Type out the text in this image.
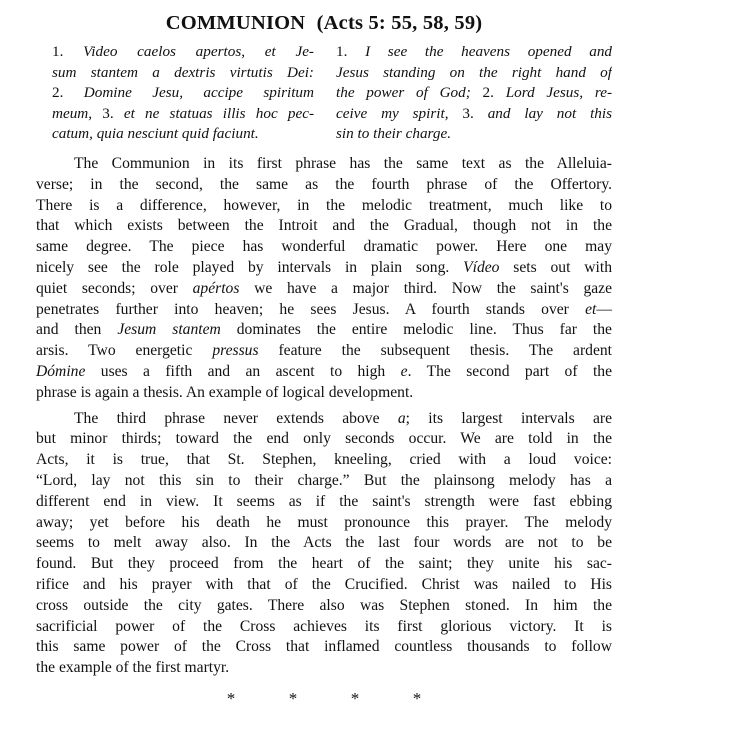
COMMUNION (Acts 5: 55, 58, 59)
1. Video caelos apertos, et Je-
sum stantem a dextris virtutis Dei:
2. Domine Jesu, accipe spiritum
meum, 3. et ne statuas illis hoc pec-
catum, quia nesciunt quid faciunt.
1. I see the heavens opened and
Jesus standing on the right hand of
the power of God; 2. Lord Jesus, re-
ceive my spirit, 3. and lay not this
sin to their charge.

The Communion in its first phrase has the same text as the Alleluia-
verse; in the second, the same as the fourth phrase of the Offertory.
There is a difference, however, in the melodic treatment, much like to
that which exists between the Introit and the Gradual, though not in the
same degree. The piece has wonderful dramatic power. Here one may
nicely see the role played by intervals in plain song. Vídeo sets out with
quiet seconds; over apértos we have a major third. Now the saint's gaze
penetrates further into heaven; he sees Jesus. A fourth stands over et—
and then Jesum stantem dominates the entire melodic line. Thus far the
arsis. Two energetic pressus feature the subsequent thesis. The ardent
Dómine uses a fifth and an ascent to high e. The second part of the
phrase is again a thesis. An example of logical development.

The third phrase never extends above a; its largest intervals are
but minor thirds; toward the end only seconds occur. We are told in the
Acts, it is true, that St. Stephen, kneeling, cried with a loud voice:
“Lord, lay not this sin to their charge.” But the plainsong melody has a
different end in view. It seems as if the saint's strength were fast ebbing
away; yet before his death he must pronounce this prayer. The melody
seems to melt away also. In the Acts the last four words are not to be
found. But they proceed from the heart of the saint; they unite his sac-
rifice and his prayer with that of the Crucified. Christ was nailed to His
cross outside the city gates. There also was Stephen stoned. In him the
sacrificial power of the Cross achieves its first glorious victory. It is
this same power of the Cross that inflamed countless thousands to follow
the example of the first martyr.

*	*	*	*
